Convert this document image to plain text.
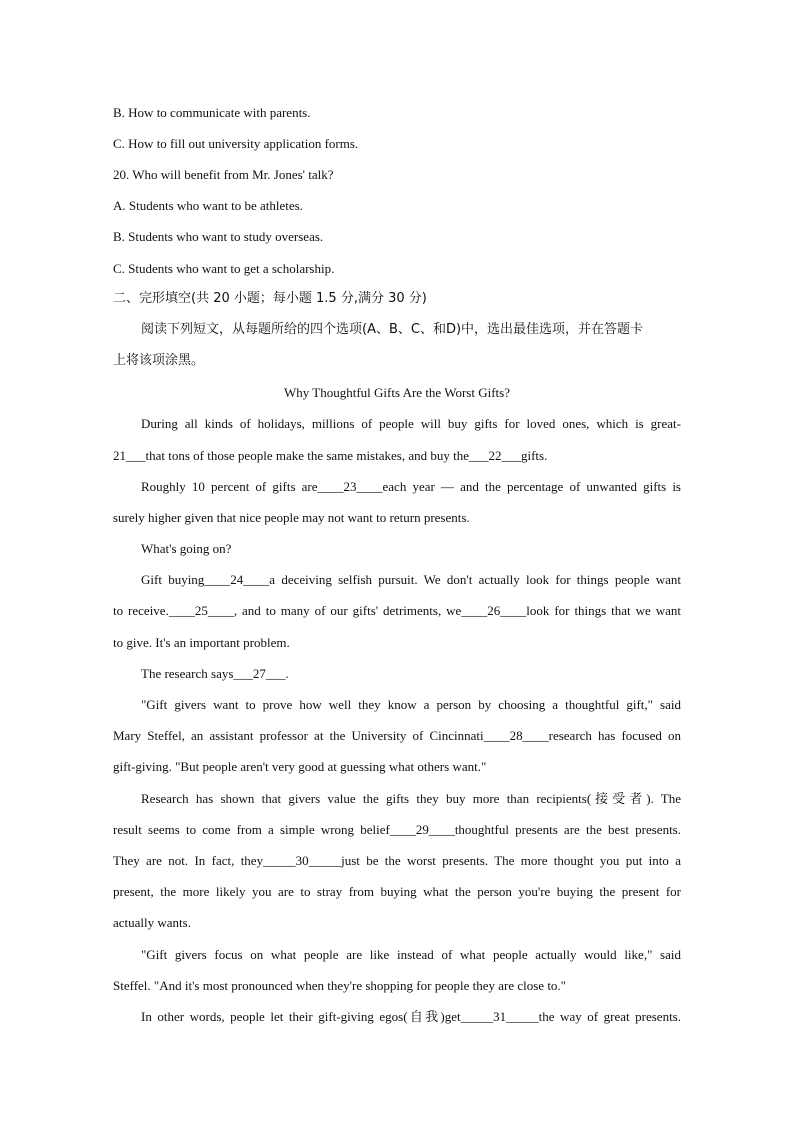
B. How to communicate with parents.
C. How to fill out university application forms.
20. Who will benefit from Mr. Jones' talk?
A. Students who want to be athletes.
B. Students who want to study overseas.
C. Students who want to get a scholarship.
二、完形填空(共 20 小题；每小题 1.5 分,满分 30 分)
阅读下列短文，从每题所给的四个选项(A、B、C、和D)中，选出最佳选项，并在答题卡
上将该项涂黑。
Why Thoughtful Gifts Are the Worst Gifts?
During all kinds of holidays, millions of people will buy gifts for loved ones, which is great-
21___that tons of those people make the same mistakes, and buy the___22___gifts.
Roughly 10 percent of gifts are____23____each year — and the percentage of unwanted gifts is
surely higher given that nice people may not want to return presents.
What's going on?
Gift buying____24____a deceiving selfish pursuit. We don't actually look for things people want
to receive.____25____, and to many of our gifts' detriments, we____26____look for things that we want
to give. It's an important problem.
The research says___27___.
"Gift givers want to prove how well they know a person by choosing a thoughtful gift," said
Mary Steffel, an assistant professor at the University of Cincinnati____28____research has focused on
gift-giving. "But people aren't very good at guessing what others want."
Research has shown that givers value the gifts they buy more than recipients(接受者). The
result seems to come from a simple wrong belief____29____thoughtful presents are the best presents.
They are not. In fact, they_____30_____just be the worst presents. The more thought you put into a
present, the more likely you are to stray from buying what the person you're buying the present for
actually wants.
"Gift givers focus on what people are like instead of what people actually would like," said
Steffel. "And it's most pronounced when they're shopping for people they are close to."
In other words, people let their gift-giving egos(自我)get_____31_____the way of great presents.
